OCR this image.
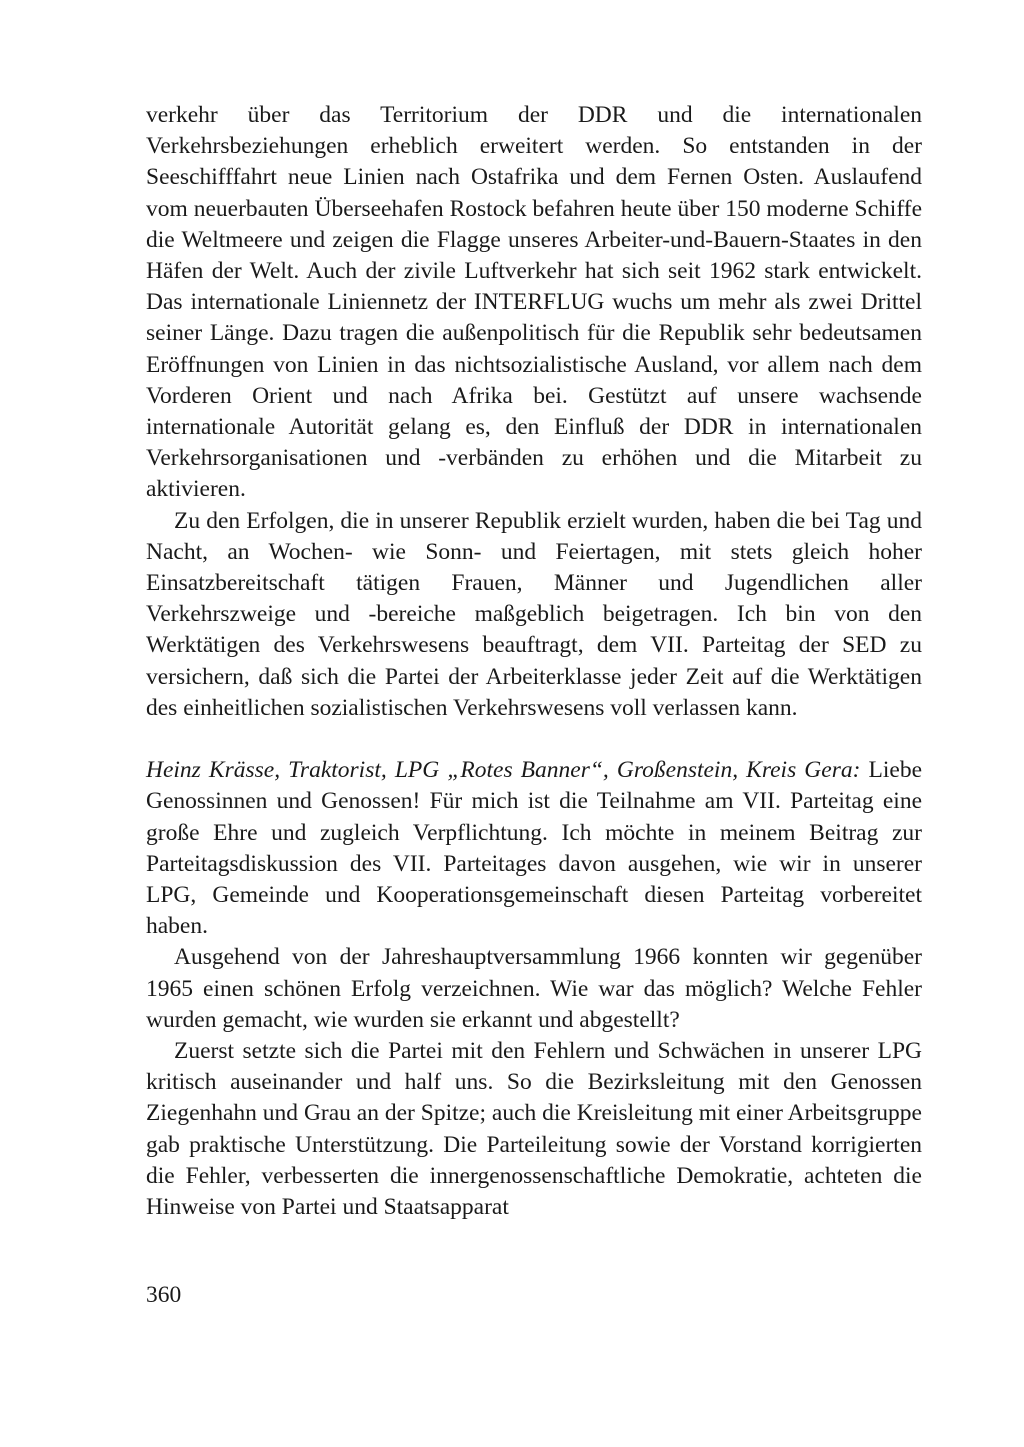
verkehr über das Territorium der DDR und die internationalen Verkehrsbeziehungen erheblich erweitert werden. So entstanden in der Seeschifffahrt neue Linien nach Ostafrika und dem Fernen Osten. Auslaufend vom neuerbauten Überseehafen Rostock befahren heute über 150 moderne Schiffe die Weltmeere und zeigen die Flagge unseres Arbeiter-und-Bauern-Staates in den Häfen der Welt. Auch der zivile Luftverkehr hat sich seit 1962 stark entwickelt. Das internationale Liniennetz der INTERFLUG wuchs um mehr als zwei Drittel seiner Länge. Dazu tragen die außenpolitisch für die Republik sehr bedeutsamen Eröffnungen von Linien in das nichtsozialistische Ausland, vor allem nach dem Vorderen Orient und nach Afrika bei. Gestützt auf unsere wachsende internationale Autorität gelang es, den Einfluß der DDR in internationalen Verkehrsorganisationen und -verbänden zu erhöhen und die Mitarbeit zu aktivieren.

Zu den Erfolgen, die in unserer Republik erzielt wurden, haben die bei Tag und Nacht, an Wochen- wie Sonn- und Feiertagen, mit stets gleich hoher Einsatzbereitschaft tätigen Frauen, Männer und Jugendlichen aller Verkehrszweige und -bereiche maßgeblich beigetragen. Ich bin von den Werktätigen des Verkehrswesens beauftragt, dem VII. Parteitag der SED zu versichern, daß sich die Partei der Arbeiterklasse jeder Zeit auf die Werktätigen des einheitlichen sozialistischen Verkehrswesens voll verlassen kann.

Heinz Krässe, Traktorist, LPG „Rotes Banner“, Großenstein, Kreis Gera: Liebe Genossinnen und Genossen! Für mich ist die Teilnahme am VII. Parteitag eine große Ehre und zugleich Verpflichtung. Ich möchte in meinem Beitrag zur Parteitagsdiskussion des VII. Parteitages davon ausgehen, wie wir in unserer LPG, Gemeinde und Kooperationsgemeinschaft diesen Parteitag vorbereitet haben.

Ausgehend von der Jahreshauptversammlung 1966 konnten wir gegenüber 1965 einen schönen Erfolg verzeichnen. Wie war das möglich? Welche Fehler wurden gemacht, wie wurden sie erkannt und abgestellt?

Zuerst setzte sich die Partei mit den Fehlern und Schwächen in unserer LPG kritisch auseinander und half uns. So die Bezirksleitung mit den Genossen Ziegenhahn und Grau an der Spitze; auch die Kreisleitung mit einer Arbeitsgruppe gab praktische Unterstützung. Die Parteileitung sowie der Vorstand korrigierten die Fehler, verbesserten die innergenossenschaftliche Demokratie, achteten die Hinweise von Partei und Staatsapparat

360
